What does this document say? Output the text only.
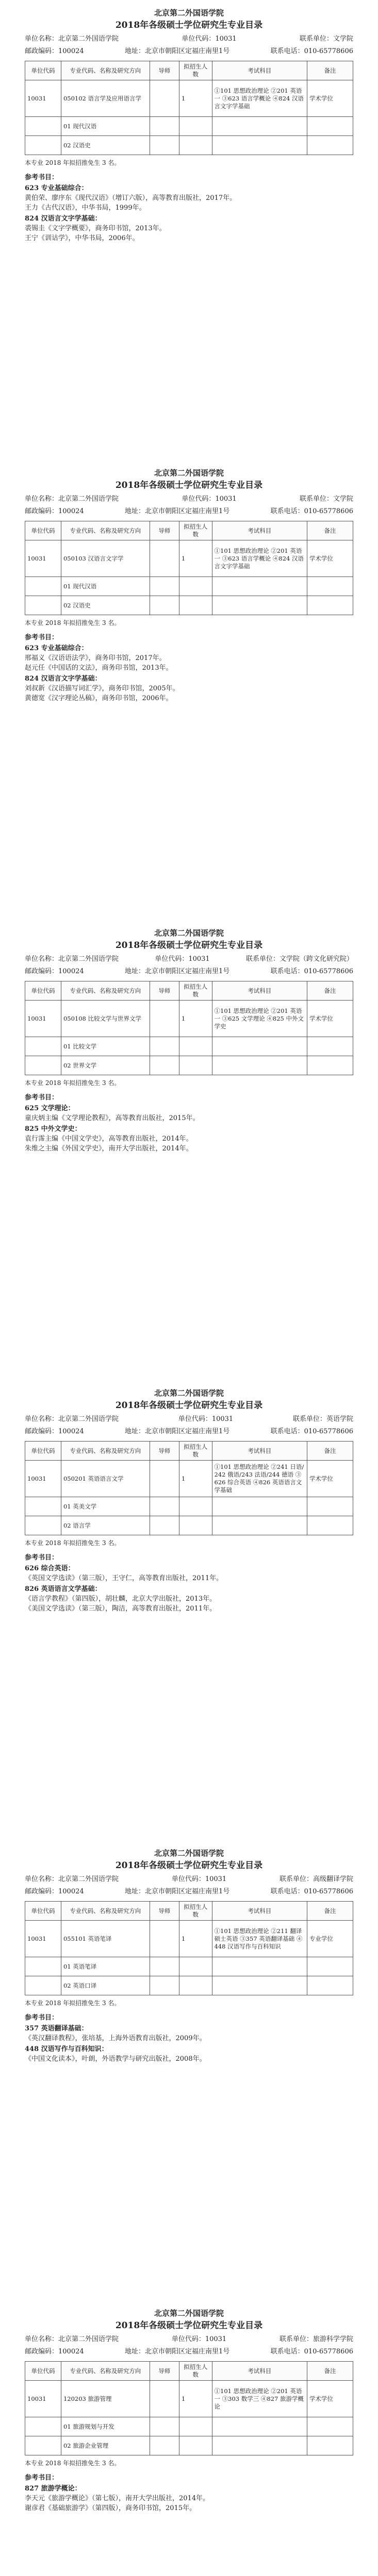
北京第二外国语学院
2018年各级硕士学位研究生专业目录
单位名称：北京第二外国语学院	单位代码：10031	联系单位：文学院
邮政编码：100024	地址：北京市朝阳区定福庄南里1号	联系电话：010-65778606
单位代码	专业代码、名称及研究方向	导师	拟招生人数	考试科目	备注
10031	050102 语言学及应用语言学		1	①101 思想政治理论 ②201 英语一 ③623 语言学概论 ④824 汉语言文字学基础	学术学位
	01 现代汉语				
	02 汉语史				
本专业 2018 年拟招推免生 3 名。
参考书目：
623 专业基础综合：
黄伯荣、廖序东《现代汉语》（增订六版），高等教育出版社，2017年。
王力《古代汉语》，中华书局，1999年。
824 汉语言文字学基础：
裘锡圭《文字学概要》，商务印书馆，2013年。
王宁《训诂学》，中华书局，2006年。
北京第二外国语学院
2018年各级硕士学位研究生专业目录
单位名称：北京第二外国语学院	单位代码：10031	联系单位：文学院
邮政编码：100024	地址：北京市朝阳区定福庄南里1号	联系电话：010-65778606
单位代码	专业代码、名称及研究方向	导师	拟招生人数	考试科目	备注
10031	050103 汉语言文字学		1	①101 思想政治理论 ②201 英语一 ③623 语言学概论 ④824 汉语言文字学基础	学术学位
	01 现代汉语				
	02 汉语史				
本专业 2018 年拟招推免生 3 名。
参考书目：
623 专业基础综合：
邢福义《汉语语法学》，商务印书馆，2017年。
赵元任《中国话的文法》，商务印书馆，2013年。
824 汉语言文字学基础：
刘叔新《汉语描写词汇学》，商务印书馆，2005年。
黄德宽《汉字理论丛稿》，商务印书馆，2006年。
北京第二外国语学院
2018年各级硕士学位研究生专业目录
单位名称：北京第二外国语学院	单位代码：10031	联系单位：文学院（跨文化研究院）
邮政编码：100024	地址：北京市朝阳区定福庄南里1号	联系电话：010-65778606
单位代码	专业代码、名称及研究方向	导师	拟招生人数	考试科目	备注
10031	050108 比较文学与世界文学		1	①101 思想政治理论 ②201 英语一 ③625 文学理论 ④825 中外文学史	学术学位
	01 比较文学				
	02 世界文学				
本专业 2018 年拟招推免生 3 名。
参考书目：
625 文学理论：
童庆炳主编《文学理论教程》，高等教育出版社，2015年。
825 中外文学史：
袁行霈主编《中国文学史》，高等教育出版社，2014年。
朱维之主编《外国文学史》，南开大学出版社，2014年。
北京第二外国语学院
2018年各级硕士学位研究生专业目录
单位名称：北京第二外国语学院	单位代码：10031	联系单位：英语学院
邮政编码：100024	地址：北京市朝阳区定福庄南里1号	联系电话：010-65778606
单位代码	专业代码、名称及研究方向	导师	拟招生人数	考试科目	备注
10031	050201 英语语言文学		1	①101 思想政治理论 ②241 日语/242 俄语/243 法语/244 德语 ③626 综合英语 ④826 英语语言文学基础	学术学位
	01 英美文学				
	02 语言学				
本专业 2018 年拟招推免生 3 名。
参考书目：
626 综合英语：
《英国文学选读》（第三版），王守仁，高等教育出版社，2011年。
826 英语语言文学基础：
《语言学教程》（第四版），胡壮麟，北京大学出版社，2013年。
《美国文学选读》（第三版），陶洁，高等教育出版社，2011年。
北京第二外国语学院
2018年各级硕士学位研究生专业目录
单位名称：北京第二外国语学院	单位代码：10031	联系单位：高级翻译学院
邮政编码：100024	地址：北京市朝阳区定福庄南里1号	联系电话：010-65778606
单位代码	专业代码、名称及研究方向	导师	拟招生人数	考试科目	备注
10031	055101 英语笔译		1	①101 思想政治理论 ②211 翻译硕士英语 ③357 英语翻译基础 ④448 汉语写作与百科知识	专业学位
	01 英语笔译				
	02 英语口译				
本专业 2018 年拟招推免生 3 名。
参考书目：
357 英语翻译基础：
《英汉翻译教程》，张培基，上海外语教育出版社，2009年。
448 汉语写作与百科知识：
《中国文化读本》，叶朗，外语教学与研究出版社，2008年。
北京第二外国语学院
2018年各级硕士学位研究生专业目录
单位名称：北京第二外国语学院	单位代码：10031	联系单位：旅游科学学院
邮政编码：100024	地址：北京市朝阳区定福庄南里1号	联系电话：010-65778606
单位代码	专业代码、名称及研究方向	导师	拟招生人数	考试科目	备注
10031	120203 旅游管理		1	①101 思想政治理论 ②201 英语一 ③303 数学三 ④827 旅游学概论	学术学位
	01 旅游规划与开发				
	02 旅游企业管理				
本专业 2018 年拟招推免生 3 名。
参考书目：
827 旅游学概论：
李天元《旅游学概论》（第七版），南开大学出版社，2014年。
谢彦君《基础旅游学》（第四版），商务印书馆，2015年。
